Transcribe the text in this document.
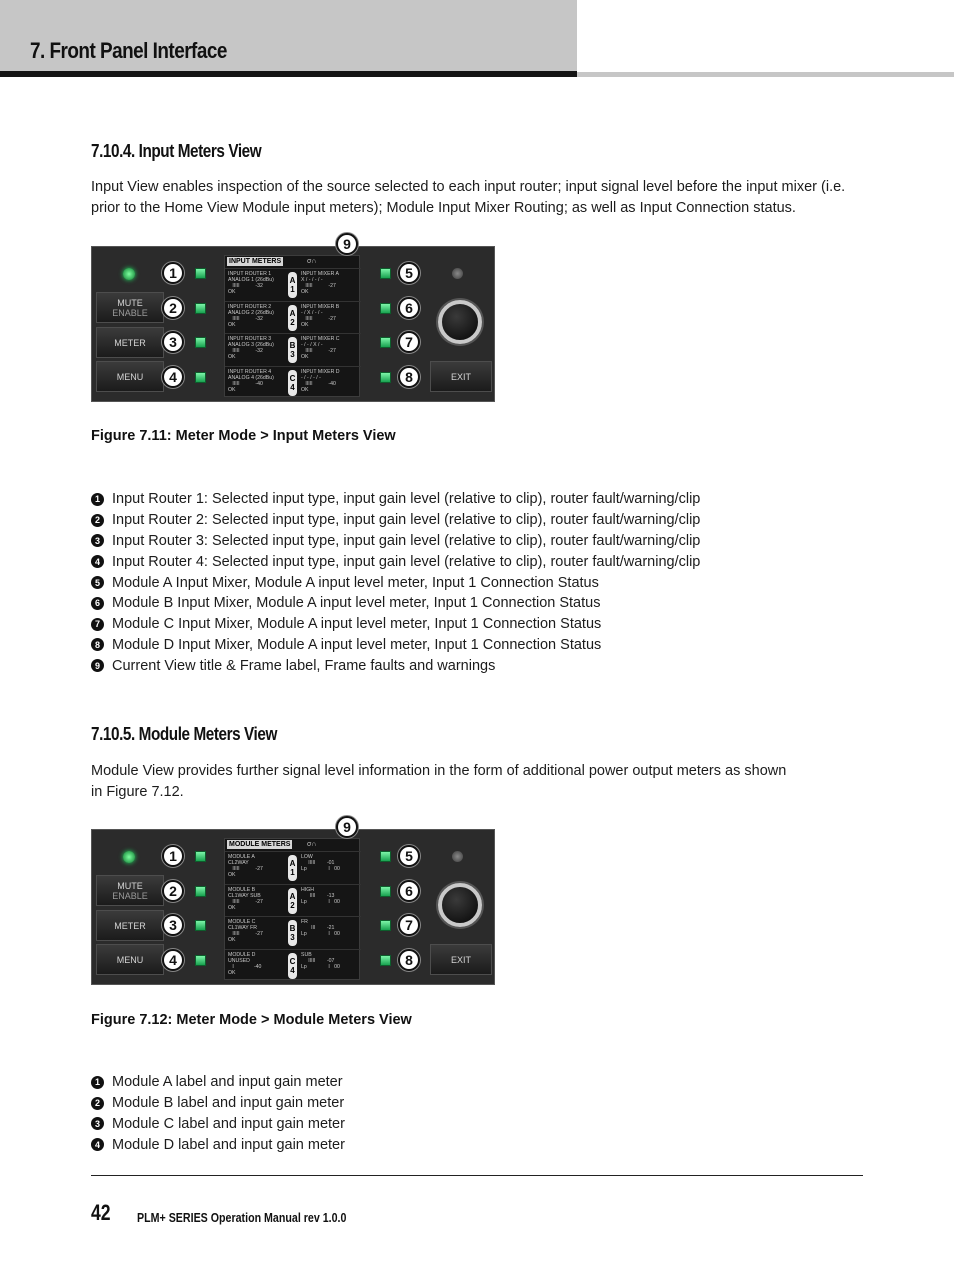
7. Front Panel Interface
7.10.4. Input Meters View
Input View enables inspection of the source selected to each input router; input signal level before the input mixer (i.e. prior to the Home View Module input meters); Module Input Mixer Routing; as well as Input Connection status.
MUTE
ENABLE
METER
MENU
1
2
3
4
INPUT METERS	σ∩
INPUT ROUTER 1
ANALOG 1 (26dBu)
IIIII           -32
OK
A
1
INPUT MIXER A
X / - / - / -
IIIII           -27
OK
INPUT ROUTER 2
ANALOG 2 (26dBu)
IIIII           -32
OK
A
2
INPUT MIXER B
- / X / - / -
IIIII           -27
OK
INPUT ROUTER 3
ANALOG 3 (26dBu)
IIIII           -32
OK
B
3
INPUT MIXER C
- / - / X / -
IIIII           -27
OK
INPUT ROUTER 4
ANALOG 4 (26dBu)
IIIII           -40
OK
C
4
INPUT MIXER D
- / - / - / -
IIIII           -40
OK
9
5
6
7
8	EXIT
Figure 7.11: Meter Mode > Input Meters View
1 Input Router 1: Selected input type, input gain level (relative to clip), router fault/warning/clip
2 Input Router 2: Selected input type, input gain level (relative to clip), router fault/warning/clip
3 Input Router 3: Selected input type, input gain level (relative to clip), router fault/warning/clip
4 Input Router 4: Selected input type, input gain level (relative to clip), router fault/warning/clip
5 Module A Input Mixer, Module A input level meter, Input 1 Connection Status
6 Module B Input Mixer, Module A input level meter, Input 1 Connection Status
7 Module C Input Mixer, Module A input level meter, Input 1 Connection Status
8 Module D Input Mixer, Module A input level meter, Input 1 Connection Status
9 Current View title & Frame label, Frame faults and warnings
7.10.5. Module Meters View
Module View provides further signal level information in the form of additional power output meters as shown in Figure 7.12.
MUTE
ENABLE
METER
MENU
1
2
3
4
MODULE METERS σ∩
MODULE A
CL2WAY
IIIII           -27
OK
A
1
LOW
IIIII        -01
Lp               I   00
MODULE B
CL1WAY SUB
IIIII           -27
OK
A
2
HIGH
IIII        -13
Lp               I   00
MODULE C
CL1WAY FR
IIIII           -27
OK
B
3
FR
III        -21
Lp               I   00
MODULE D
UNUSED
I              -40
OK
C
4
SUB
IIIII        -07
Lp               I   00
9
5
6
7
8	EXIT
Figure 7.12: Meter Mode > Module Meters View
1 Module A label and input gain meter
2 Module B label and input gain meter
3 Module C label and input gain meter
4 Module D label and input gain meter
42 PLM+ SERIES Operation Manual rev 1.0.0
